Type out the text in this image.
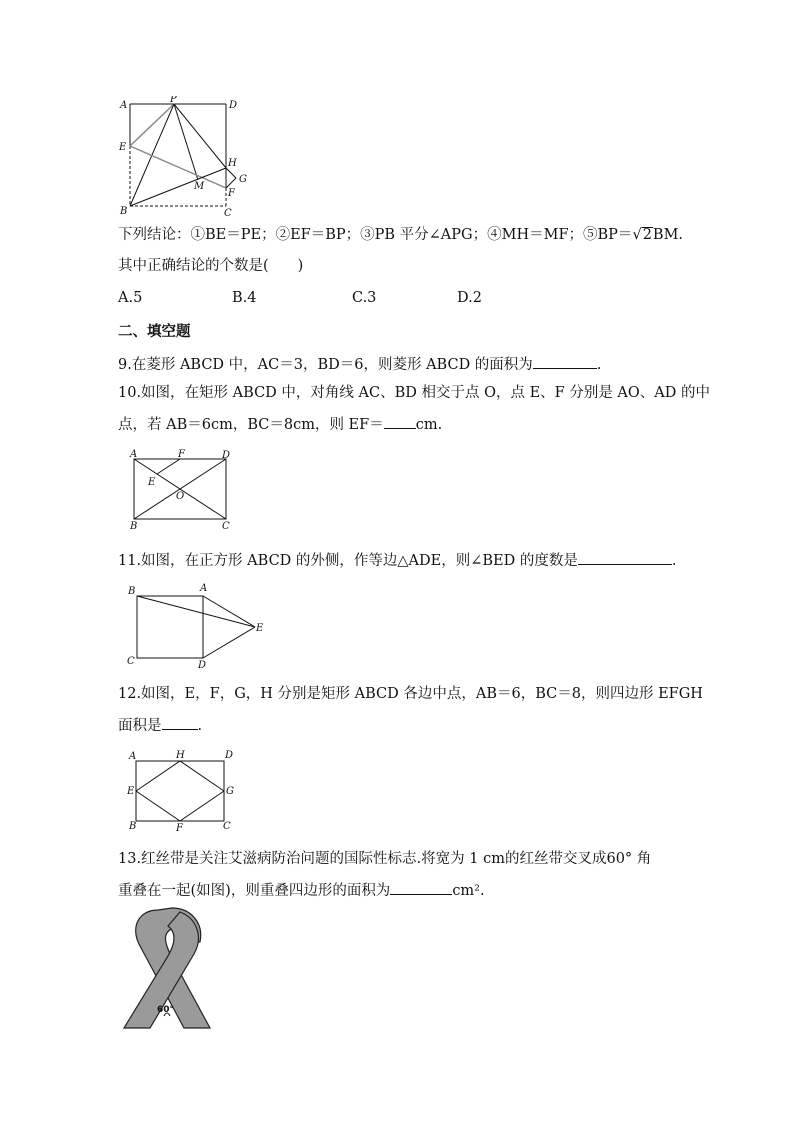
A
P
D
E
H
G
M
F
B	C
下列结论：①BE＝PE；②EF＝BP；③PB 平分∠APG；④MH＝MF；⑤BP＝√2BM.
其中正确结论的个数是(　　)
A.5	B.4	C.3	D.2
二、填空题
9.在菱形 ABCD 中，AC＝3，BD＝6，则菱形 ABCD 的面积为	.
10.如图，在矩形 ABCD 中，对角线 AC、BD 相交于点 O，点 E、F 分别是 AO、AD 的中
点，若 AB＝6cm，BC＝8cm，则 EF＝ cm.
A	F	D
E
O
B	C
11.如图，在正方形 ABCD 的外侧，作等边△ADE，则∠BED 的度数是	.
B	A
E
C	D
12.如图，E，F，G，H 分别是矩形 ABCD 各边中点，AB＝6，BC＝8，则四边形 EFGH
面积是 .
A	H	D
E	G
B	F	C
13.红丝带是关注艾滋病防治问题的国际性标志.将宽为 1 cm的红丝带交叉成60° 角
重叠在一起(如图)，则重叠四边形的面积为	cm².
60°
